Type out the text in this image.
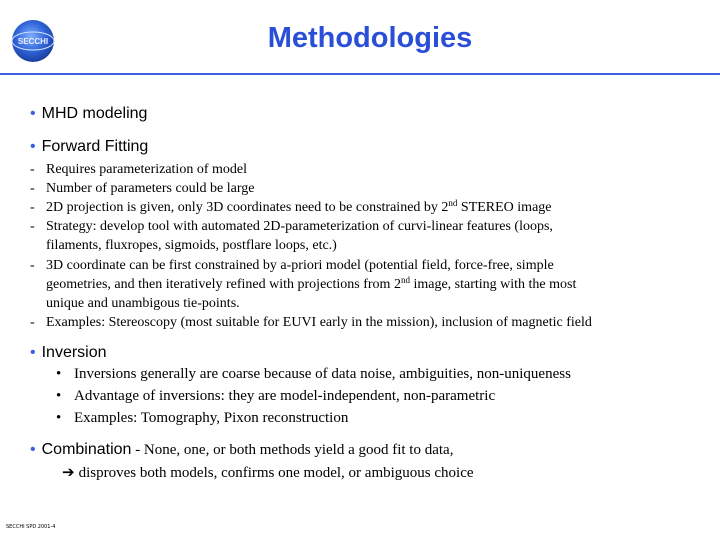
SECCHI	Methodologies
• MHD modeling
• Forward Fitting
- Requires parameterization of model
- Number of parameters could be large
- 2D projection is given, only 3D coordinates need to be constrained by 2nd STEREO image
- Strategy: develop tool with automated 2D-parameterization of curvi-linear features (loops,
filaments, fluxropes, sigmoids, postflare loops, etc.)
- 3D coordinate can be first constrained by a-priori model (potential field, force-free, simple
geometries, and then iteratively refined with projections from 2nd image, starting with the most
unique and unambigous tie-points.
- Examples: Stereoscopy (most suitable for EUVI early in the mission), inclusion of magnetic field
• Inversion
• Inversions generally are coarse because of data noise, ambiguities, non-uniqueness
• Advantage of inversions: they are model-independent, non-parametric
• Examples: Tomography, Pixon reconstruction
• Combination - None, one, or both methods yield a good fit to data,
➔ disproves both models, confirms one model, or ambiguous choice
SECCHI SPD 2001-4
